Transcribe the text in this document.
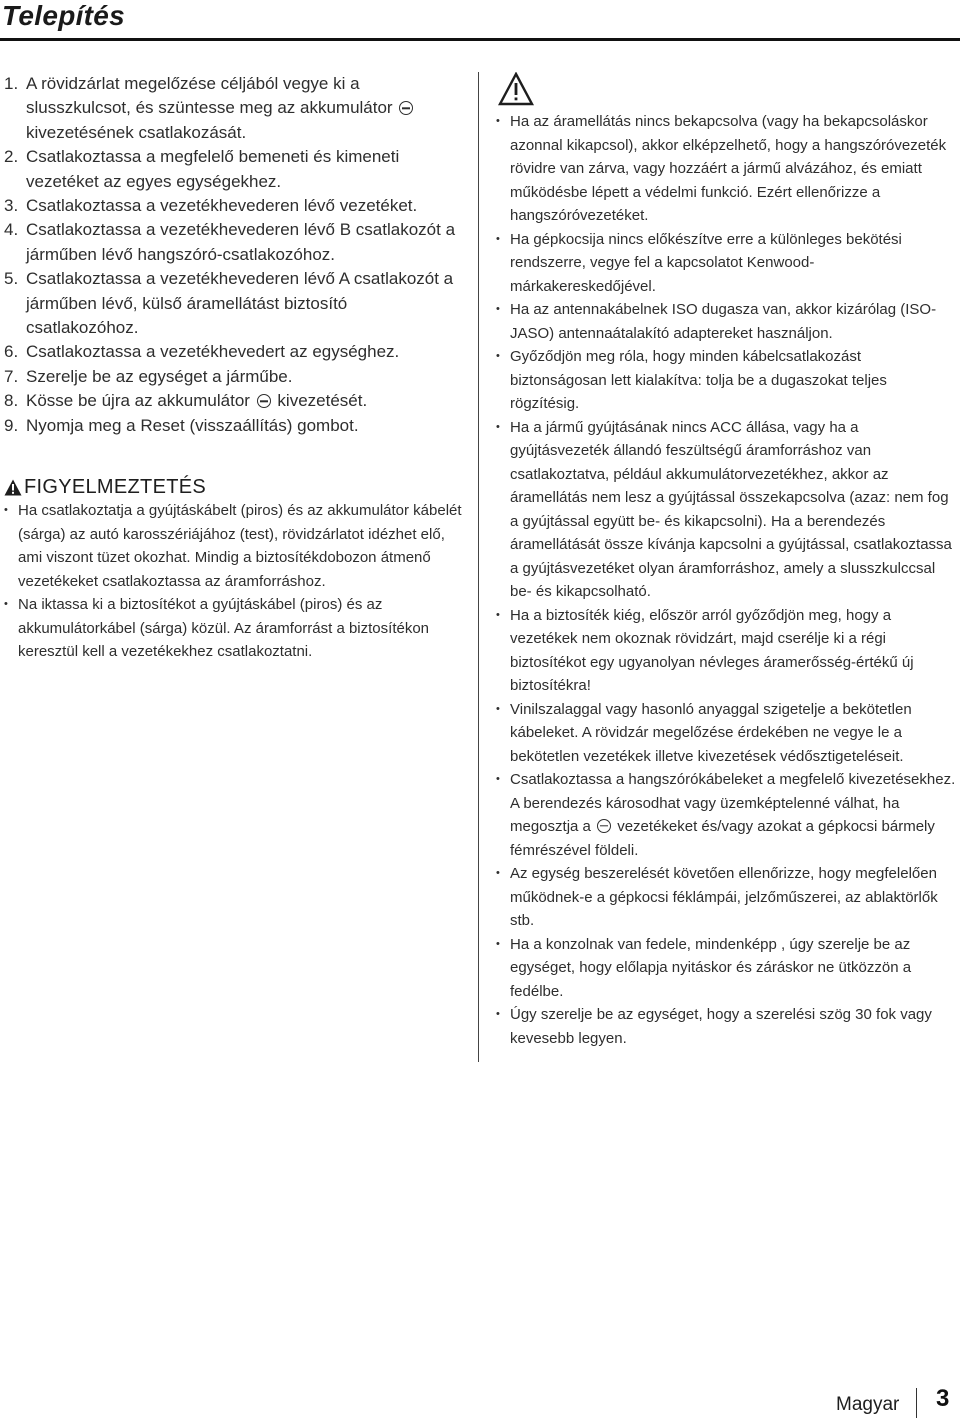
Telepítés
1. A rövidzárlat megelőzése céljából vegye ki a slusszkulcsot, és szüntesse meg az akkumulátor  kivezetésének csatlakozását.
2. Csatlakoztassa a megfelelő bemeneti és kimeneti vezetéket az egyes egységekhez.
3. Csatlakoztassa a vezetékhevederen lévő vezetéket.
4. Csatlakoztassa a vezetékhevederen lévő B csatlakozót a járműben lévő hangszóró-csatlakozóhoz.
5. Csatlakoztassa a vezetékhevederen lévő A csatlakozót a járműben lévő, külső áramellátást biztosító csatlakozóhoz.
6. Csatlakoztassa a vezetékhevedert az egységhez.
7. Szerelje be az egységet a járműbe.
8. Kösse be újra az akkumulátor kivezetését.
9. Nyomja meg a Reset (visszaállítás) gombot.
FIGYELMEZTETÉS
• Ha csatlakoztatja a gyújtáskábelt (piros) és az akkumulátor kábelét (sárga) az autó karosszériájához (test), rövidzárlatot idézhet elő, ami viszont tüzet okozhat. Mindig a biztosítékdobozon átmenő vezetékeket csatlakoztassa az áramforráshoz.
• Na iktassa ki a biztosítékot a gyújtáskábel (piros) és az akkumulátorkábel (sárga) közül. Az áramforrást a biztosítékon keresztül kell a vezetékekhez csatlakoztatni.
• Ha az áramellátás nincs bekapcsolva (vagy ha bekapcsoláskor azonnal kikapcsol), akkor elképzelhető, hogy a hangszóróvezeték rövidre van zárva, vagy hozzáért a jármű alvázához, és emiatt működésbe lépett a védelmi funkció. Ezért ellenőrizze a hangszóróvezetéket.
• Ha gépkocsija nincs előkészítve erre a különleges bekötési rendszerre, vegye fel a kapcsolatot Kenwood-márkakereskedőjével.
• Ha az antennakábelnek ISO dugasza van, akkor kizárólag (ISO-JASO) antennaátalakító adaptereket használjon.
• Győződjön meg róla, hogy minden kábelcsatlakozást biztonságosan lett kialakítva: tolja be a dugaszokat teljes rögzítésig.
• Ha a jármű gyújtásának nincs ACC állása, vagy ha a gyújtásvezeték állandó feszültségű áramforráshoz van csatlakoztatva, például akkumulátorvezetékhez, akkor az áramellátás nem lesz a gyújtással összekapcsolva (azaz: nem fog a gyújtással együtt be- és kikapcsolni). Ha a berendezés áramellátását össze kívánja kapcsolni a gyújtással, csatlakoztassa a gyújtásvezetéket olyan áramforráshoz, amely a slusszkulccsal be- és kikapcsolható.
• Ha a biztosíték kiég, először arról győződjön meg, hogy a vezetékek nem okoznak rövidzárt, majd cserélje ki a régi biztosítékot egy ugyanolyan névleges áramerősség-értékű új biztosítékra!
• Vinilszalaggal vagy hasonló anyaggal szigetelje a bekötetlen kábeleket. A rövidzár megelőzése érdekében ne vegye le a bekötetlen vezetékek illetve kivezetések védősztigeteléseit.
• Csatlakoztassa a hangszórókábeleket a megfelelő kivezetésekhez. A berendezés károsodhat vagy üzemképtelenné válhat, ha megosztja a vezetékeket és/vagy azokat a gépkocsi bármely fémrészével földeli.
• Az egység beszerelését követően ellenőrizze, hogy megfelelően működnek-e a gépkocsi féklámpái, jelzőműszerei, az ablaktörlők stb.
• Ha a konzolnak van fedele, mindenképp , úgy szerelje be az egységet, hogy előlapja nyitáskor és záráskor ne ütközzön a fedélbe.
• Úgy szerelje be az egységet, hogy a szerelési szög 30 fok vagy kevesebb legyen.
Magyar 3
